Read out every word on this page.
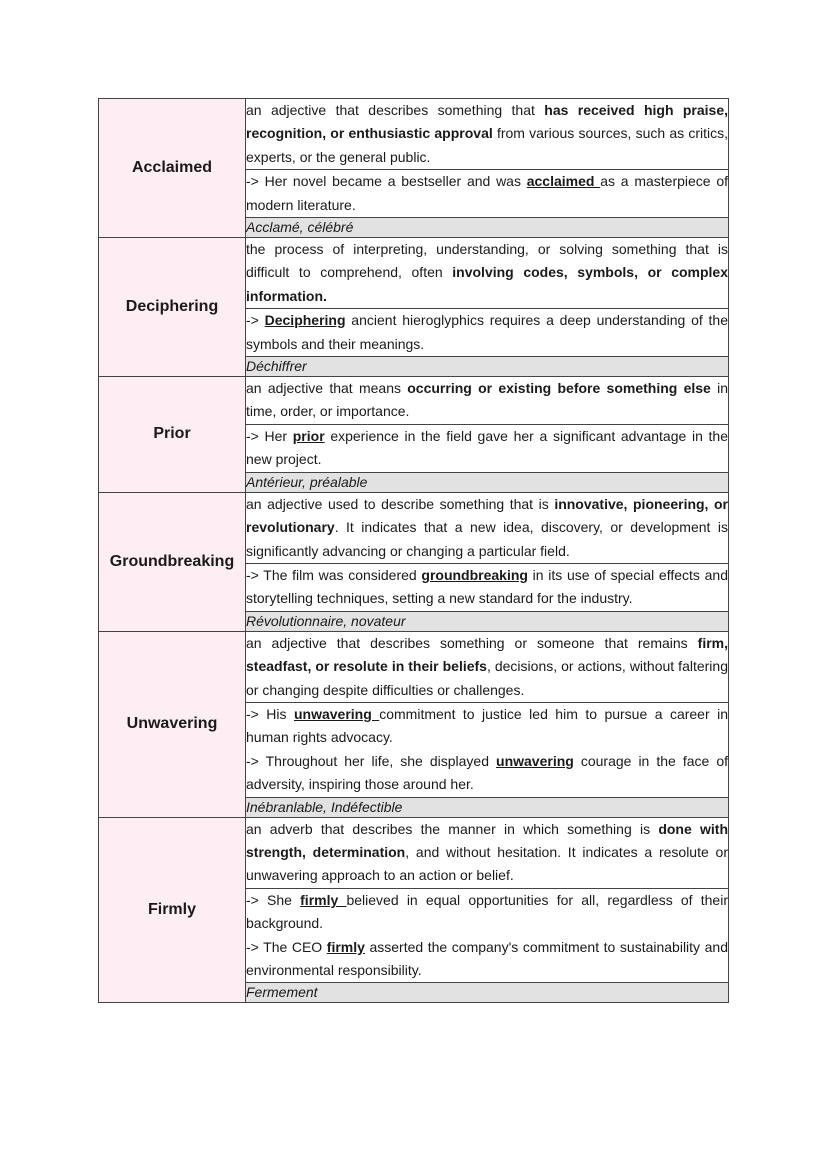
Acclaimed	an adjective that describes something that has received high praise, recognition, or enthusiastic approval from various sources, such as critics, experts, or the general public.

	-> Her novel became a bestseller and was acclaimed as a masterpiece of modern literature.

	Acclamé, célébré
Deciphering	the process of interpreting, understanding, or solving something that is difficult to comprehend, often involving codes, symbols, or complex information.

	-> Deciphering ancient hieroglyphics requires a deep understanding of the symbols and their meanings.

	Déchiffrer
Prior	an adjective that means occurring or existing before something else in time, order, or importance.

	-> Her prior experience in the field gave her a significant advantage in the new project.

	Antérieur, préalable
Groundbreaking	an adjective used to describe something that is innovative, pioneering, or revolutionary. It indicates that a new idea, discovery, or development is significantly advancing or changing a particular field.

	-> The film was considered groundbreaking in its use of special effects and storytelling techniques, setting a new standard for the industry.

	Révolutionnaire, novateur
Unwavering	an adjective that describes something or someone that remains firm, steadfast, or resolute in their beliefs, decisions, or actions, without faltering or changing despite difficulties or challenges.

	-> His unwavering commitment to justice led him to pursue a career in human rights advocacy.
-> Throughout her life, she displayed unwavering courage in the face of adversity, inspiring those around her.

	Inébranlable, Indéfectible
Firmly	an adverb that describes the manner in which something is done with strength, determination, and without hesitation. It indicates a resolute or unwavering approach to an action or belief.

	-> She firmly believed in equal opportunities for all, regardless of their background.
-> The CEO firmly asserted the company's commitment to sustainability and environmental responsibility.

	Fermement
